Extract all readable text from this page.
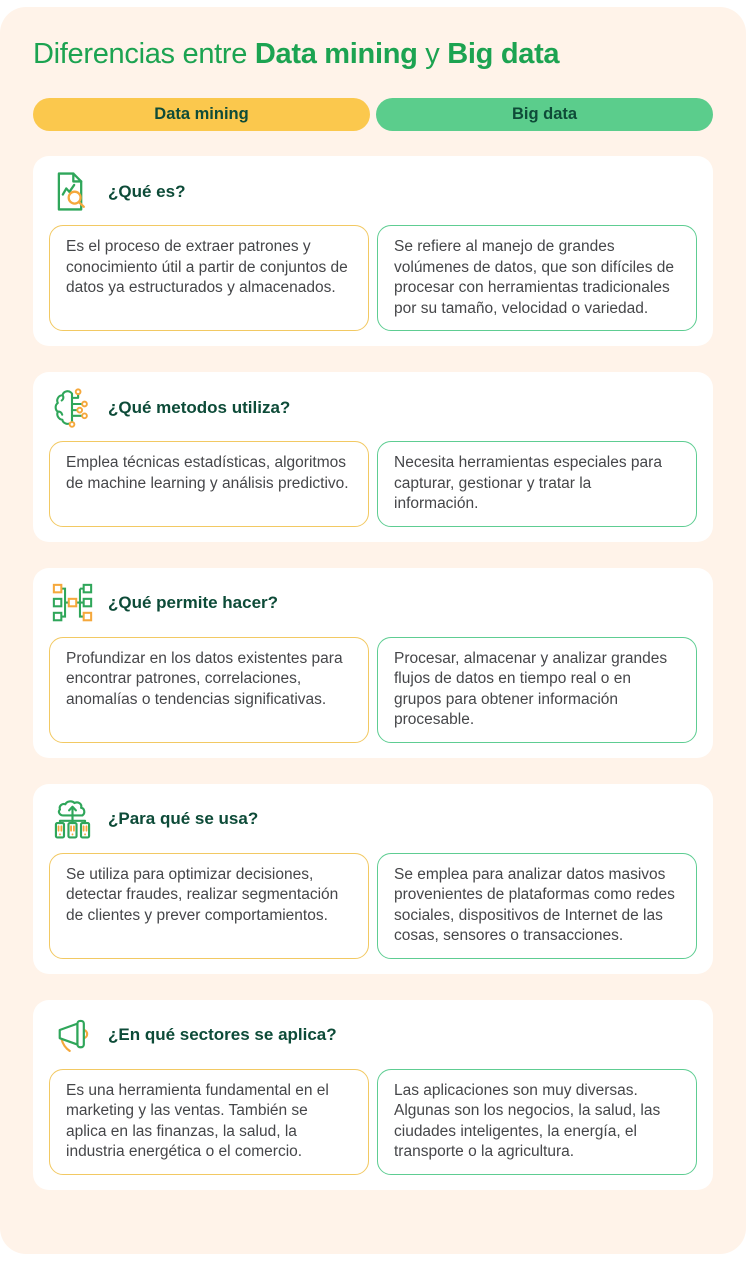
Diferencias entre Data mining y Big data
Data mining	Big data
¿Qué es?
Es el proceso de extraer patrones y conocimiento útil a partir de conjuntos de datos ya estructurados y almacenados.
Se refiere al manejo de grandes volúmenes de datos, que son difíciles de procesar con herramientas tradicionales por su tamaño, velocidad o variedad.
¿Qué metodos utiliza?
Emplea técnicas estadísticas, algoritmos de machine learning y análisis predictivo.
Necesita herramientas especiales para capturar, gestionar y tratar la información.
¿Qué permite hacer?
Profundizar en los datos existentes para encontrar patrones, correlaciones, anomalías o tendencias significativas.
Procesar, almacenar y analizar grandes flujos de datos en tiempo real o en grupos para obtener información procesable.
¿Para qué se usa?
Se utiliza para optimizar decisiones, detectar fraudes, realizar segmentación de clientes y prever comportamientos.
Se emplea para analizar datos masivos provenientes de plataformas como redes sociales, dispositivos de Internet de las cosas, sensores o transacciones.
¿En qué sectores se aplica?
Es una herramienta fundamental en el marketing y las ventas. También se aplica en las finanzas, la salud, la industria energética o el comercio.
Las aplicaciones son muy diversas. Algunas son los negocios, la salud, las ciudades inteligentes, la energía, el transporte o la agricultura.
